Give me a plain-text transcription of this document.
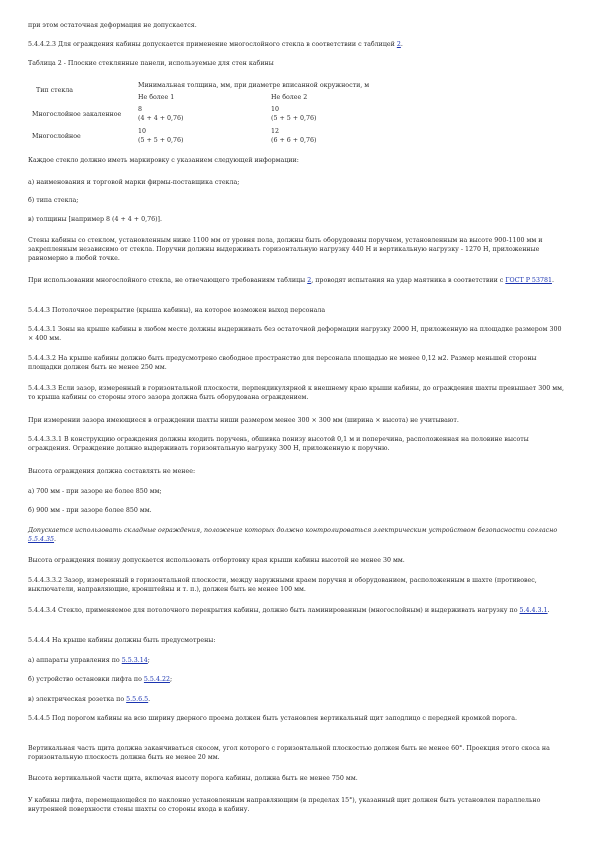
при этом остаточная деформация не допускается.

5.4.4.2.3 Для ограждения кабины допускается применение многослойного стекла в соответствии с таблицей 2.

Таблица 2 - Плоские стеклянные панели, используемые для стен кабины

Тип стекла
Минимальная толщина, мм, при диаметре вписанной окружности, м
Не более 1	Не более 2
Многослойное закаленное
8
(4 + 4 + 0,76)
10
(5 + 5 + 0,76)
Многослойное
10
(5 + 5 + 0,76)
12
(6 + 6 + 0,76)

Каждое стекло должно иметь маркировку с указанием следующей информации:

а) наименования и торговой марки фирмы-поставщика стекла;

б) типа стекла;

в) толщины [например 8 (4 + 4 + 0,76)].

Стены кабины со стеклом, установленным ниже 1100 мм от уровня пола, должны быть оборудованы поручнем, установленным на высоте 900-1100 мм и закрепленным независимо от стекла. Поручни должны выдерживать горизонтальную нагрузку 440 Н и вертикальную нагрузку - 1270 Н, приложенные равномерно в любой точке.

При использовании многослойного стекла, не отвечающего требованиям таблицы 2, проводят испытания на удар маятника в соответствии с ГОСТ Р 53781.

5.4.4.3 Потолочное перекрытие (крыша кабины), на которое возможен выход персонала

5.4.4.3.1 Зоны на крыше кабины в любом месте должны выдерживать без остаточной деформации нагрузку 2000 Н, приложенную на площадке размером 300 × 400 мм.

5.4.4.3.2 На крыше кабины должно быть предусмотрено свободное пространство для персонала площадью не менее 0,12 м2. Размер меньшей стороны площадки должен быть не менее 250 мм.

5.4.4.3.3 Если зазор, измеренный в горизонтальной плоскости, перпендикулярной к внешнему краю крыши кабины, до ограждения шахты превышает 300 мм, то крыша кабины со стороны этого зазора должна быть оборудована ограждением.

При измерении зазора имеющиеся в ограждении шахты ниши размером менее 300 × 300 мм (ширина × высота) не учитывают.

5.4.4.3.3.1 В конструкцию ограждения должны входить поручень, обшивка понизу высотой 0,1 м и поперечина, расположенная на половине высоты ограждения. Ограждение должно выдерживать горизонтальную нагрузку 300 Н, приложенную к поручню.

Высота ограждения должна составлять не менее:

а) 700 мм - при зазоре не более 850 мм;

б) 900 мм - при зазоре более 850 мм.

Допускается использовать складные ограждения, положение которых должно контролироваться электрическим устройством безопасности согласно 5.5.4.35.

Высота ограждения понизу допускается использовать отбортовку края крыши кабины высотой не менее 30 мм.

5.4.4.3.3.2 Зазор, измеренный в горизонтальной плоскости, между наружными краем поручня и оборудованием, расположенным в шахте (противовес, выключатели, направляющие, кронштейны и т. п.), должен быть не менее 100 мм.

5.4.4.3.4 Стекло, применяемое для потолочного перекрытия кабины, должно быть ламинированным (многослойным) и выдерживать нагрузку по 5.4.4.3.1.

5.4.4.4 На крыше кабины должны быть предусмотрены:

а) аппараты управления по 5.5.3.14;

б) устройство остановки лифта по 5.5.4.22;

в) электрическая розетка по 5.5.6.5.

5.4.4.5 Под порогом кабины на всю ширину дверного проема должен быть установлен вертикальный щит заподлицо с передней кромкой порога.

Вертикальная часть щита должна заканчиваться скосом, угол которого с горизонтальной плоскостью должен быть не менее 60°. Проекция этого скоса на горизонтальную плоскость должна быть не менее 20 мм.

Высота вертикальной части щита, включая высоту порога кабины, должна быть не менее 750 мм.

У кабины лифта, перемещающейся по наклонно установленным направляющим (в пределах 15°), указанный щит должен быть установлен параллельно внутренней поверхности стены шахты со стороны входа в кабину.
